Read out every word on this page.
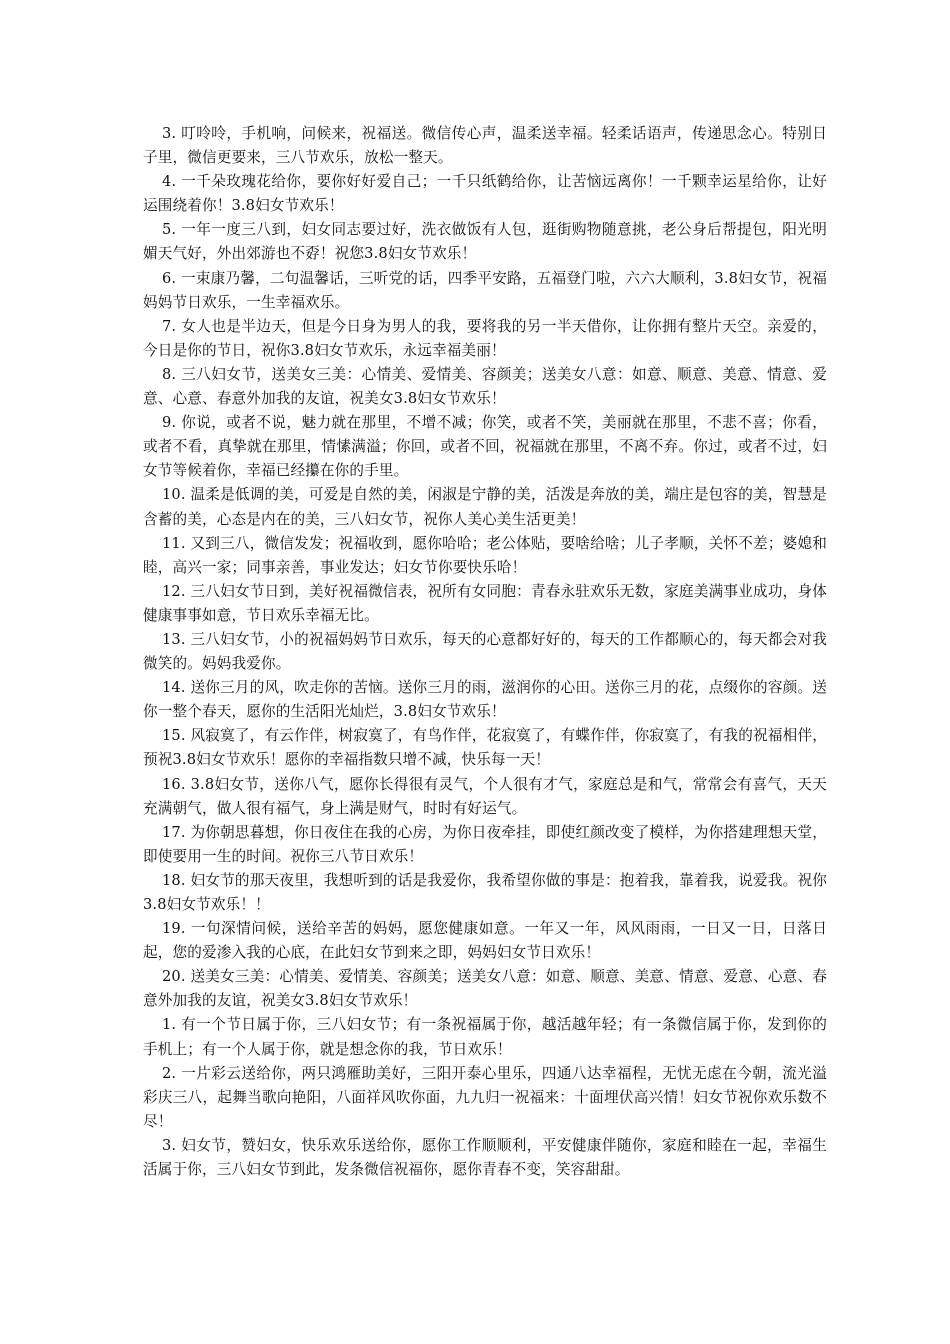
3. 叮呤呤，手机响，问候来，祝福送。微信传心声，温柔送幸福。轻柔话语声，传递思念心。特别日子里，微信更要来，三八节欢乐，放松一整天。

4. 一千朵玫瑰花给你，要你好好爱自己；一千只纸鹤给你，让苦恼远离你！一千颗幸运星给你，让好运围绕着你！3.8妇女节欢乐！

5. 一年一度三八到，妇女同志要过好，洗衣做饭有人包，逛街购物随意挑，老公身后帮提包，阳光明媚天气好，外出郊游也不孬！祝您3.8妇女节欢乐！

6. 一束康乃馨，二句温馨话，三听党的话，四季平安路，五福登门啦，六六大顺利，3.8妇女节，祝福妈妈节日欢乐，一生幸福欢乐。

7. 女人也是半边天，但是今日身为男人的我，要将我的另一半天借你，让你拥有整片天空。亲爱的，今日是你的节日，祝你3.8妇女节欢乐，永远幸福美丽！

8. 三八妇女节，送美女三美：心情美、爱情美、容颜美；送美女八意：如意、顺意、美意、情意、爱意、心意、春意外加我的友谊，祝美女3.8妇女节欢乐！

9. 你说，或者不说，魅力就在那里，不增不减；你笑，或者不笑，美丽就在那里，不悲不喜；你看，或者不看，真挚就在那里，情愫满溢；你回，或者不回，祝福就在那里，不离不弃。你过，或者不过，妇女节等候着你，幸福已经攥在你的手里。

10. 温柔是低调的美，可爱是自然的美，闲淑是宁静的美，活泼是奔放的美，端庄是包容的美，智慧是含蓄的美，心态是内在的美，三八妇女节，祝你人美心美生活更美！

11. 又到三八，微信发发；祝福收到，愿你哈哈；老公体贴，要啥给啥；儿子孝顺，关怀不差；婆媳和睦，高兴一家；同事亲善，事业发达；妇女节你要快乐哈！

12. 三八妇女节日到，美好祝福微信表，祝所有女同胞：青春永驻欢乐无数，家庭美满事业成功，身体健康事事如意，节日欢乐幸福无比。

13. 三八妇女节，小的祝福妈妈节日欢乐，每天的心意都好好的，每天的工作都顺心的，每天都会对我微笑的。妈妈我爱你。

14. 送你三月的风，吹走你的苦恼。送你三月的雨，滋润你的心田。送你三月的花，点缀你的容颜。送你一整个春天，愿你的生活阳光灿烂，3.8妇女节欢乐！

15. 风寂寞了，有云作伴，树寂寞了，有鸟作伴，花寂寞了，有蝶作伴，你寂寞了，有我的祝福相伴，预祝3.8妇女节欢乐！愿你的幸福指数只增不减，快乐每一天！

16. 3.8妇女节，送你八气，愿你长得很有灵气，个人很有才气，家庭总是和气，常常会有喜气，天天充满朝气，做人很有福气，身上满是财气，时时有好运气。

17. 为你朝思暮想，你日夜住在我的心房，为你日夜牵挂，即使红颜改变了模样，为你搭建理想天堂，即使要用一生的时间。祝你三八节日欢乐！

18. 妇女节的那天夜里，我想听到的话是我爱你，我希望你做的事是：抱着我，靠着我，说爱我。祝你3.8妇女节欢乐！！

19. 一句深情问候，送给辛苦的妈妈，愿您健康如意。一年又一年，风风雨雨，一日又一日，日落日起，您的爱渗入我的心底，在此妇女节到来之即，妈妈妇女节日欢乐！

20. 送美女三美：心情美、爱情美、容颜美；送美女八意：如意、顺意、美意、情意、爱意、心意、春意外加我的友谊，祝美女3.8妇女节欢乐！

1. 有一个节日属于你，三八妇女节；有一条祝福属于你，越活越年轻；有一条微信属于你，发到你的手机上；有一个人属于你，就是想念你的我，节日欢乐！

2. 一片彩云送给你，两只鸿雁助美好，三阳开泰心里乐，四通八达幸福程，无忧无虑在今朝，流光溢彩庆三八，起舞当歌向艳阳，八面祥风吹你面，九九归一祝福来：十面埋伏高兴情！妇女节祝你欢乐数不尽！

3. 妇女节，赞妇女，快乐欢乐送给你，愿你工作顺顺利，平安健康伴随你，家庭和睦在一起，幸福生活属于你，三八妇女节到此，发条微信祝福你，愿你青春不变，笑容甜甜。
